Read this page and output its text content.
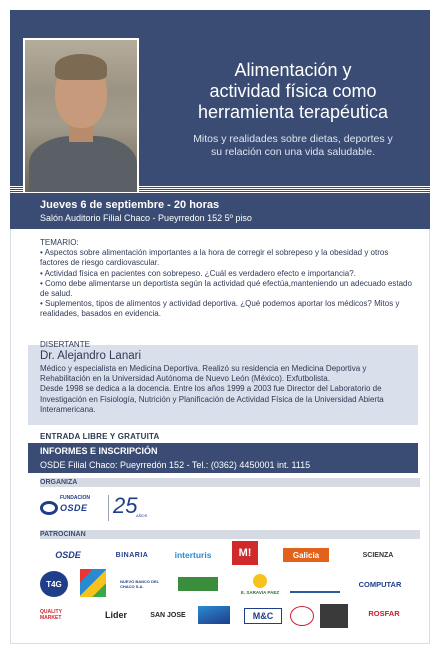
Alimentación y
actividad física como
herramienta terapéutica
Mitos y realidades sobre dietas, deportes y
su relación con una vida saludable.
Jueves 6 de septiembre - 20 horas
Salón Auditorio Filial Chaco - Pueyrredon 152 5º piso

TEMARIO:

• Aspectos sobre alimentación importantes a la hora de corregir el sobrepeso y la obesidad y otros factores de riesgo cardiovascular.

• Actividad física en pacientes con sobrepeso. ¿Cuál es verdadero efecto e importancia?.

• Como debe alimentarse un deportista según la actividad qué efectúa,manteniendo un adecuado estado de salud.

• Suplementos, tipos de alimentos y actividad deportiva. ¿Qué podemos aportar los médicos? Mitos y realidades, basados en evidencia.

DISERTANTE
Dr. Alejandro Lanari

Médico y especialista en Medicina Deportiva. Realizó su residencia en Medicina Deportiva y Rehabilitación en la Universidad Autónoma de Nuevo León (México). Exfutbolista.

Desde 1998 se dedica a la docencia. Entre los años 1999 a 2003 fue Director del Laboratorio de Investigación en Fisiología, Nutrición y Planificación de Actividad Física de la Universidad Abierta Interamericana.

ENTRADA LIBRE Y GRATUITA
INFORMES E INSCRIPCIÓN
OSDE Filial Chaco: Pueyrredón 152 - Tel.: (0362) 4450001 int. 1115
ORGANIZA
FUNDACION
OSDE 25
AÑOS
PATROCINAN
OSDE	BINARIA	interturis M!	Galicia	SCIENZA
T4G	NUEVO BANCO DEL CHACO S.A.
E. SARAVIA PAEZ
COMPUTAR
QUALITY MARKET	Lider	SAN JOSE	M&C	ROSFAR
